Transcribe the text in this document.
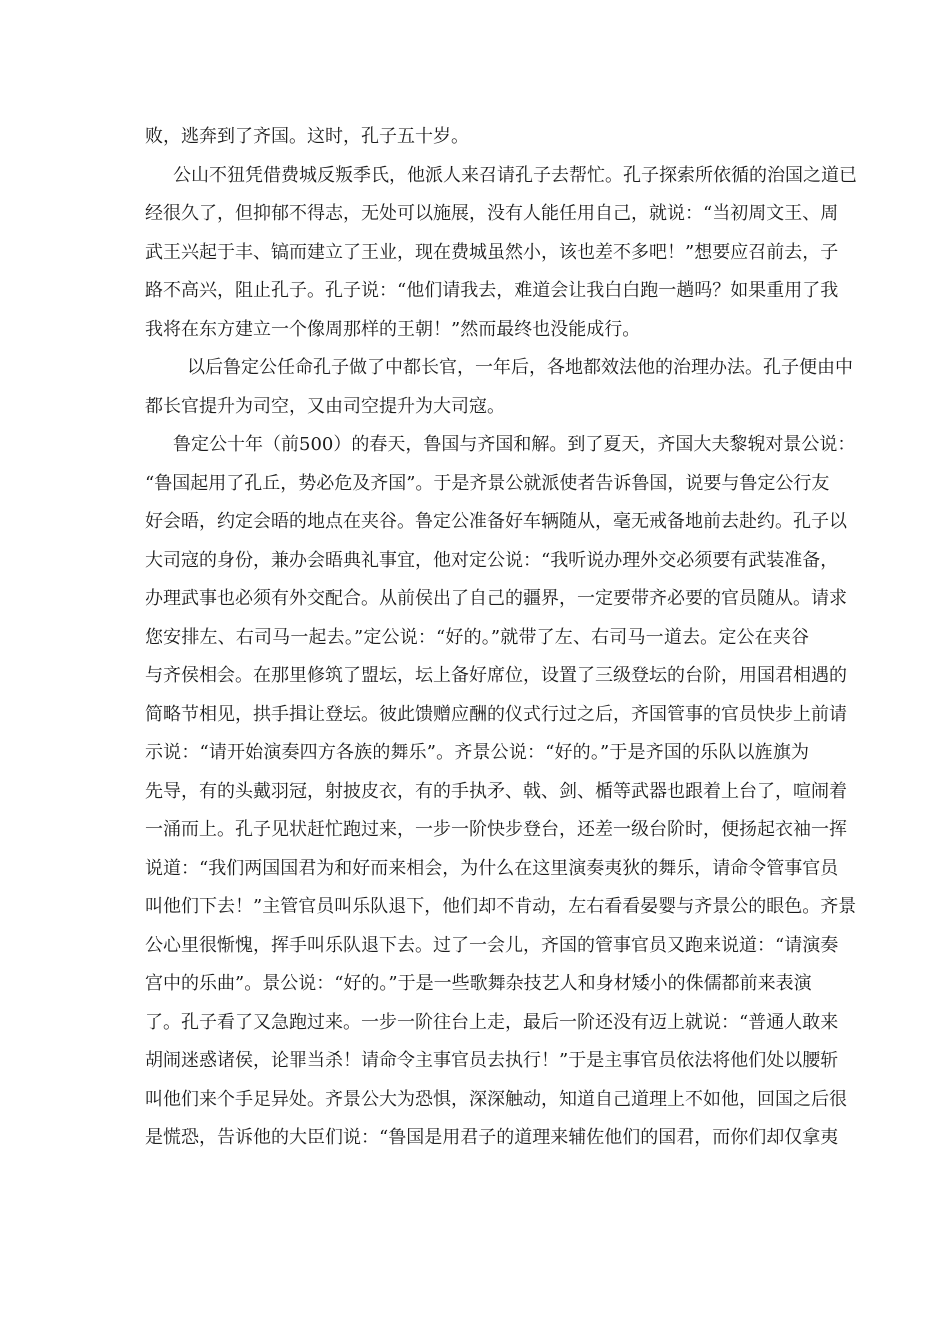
败，逃奔到了齐国。这时，孔子五十岁。
公山不狃凭借费城反叛季氏，他派人来召请孔子去帮忙。孔子探索所依循的治国之道已
经很久了，但抑郁不得志，无处可以施展，没有人能任用自己，就说：“当初周文王、周
武王兴起于丰、镐而建立了王业，现在费城虽然小，该也差不多吧！”想要应召前去，子
路不高兴，阻止孔子。孔子说：“他们请我去，难道会让我白白跑一趟吗？如果重用了我
我将在东方建立一个像周那样的王朝！”然而最终也没能成行。
以后鲁定公任命孔子做了中都长官，一年后，各地都效法他的治理办法。孔子便由中
都长官提升为司空，又由司空提升为大司寇。
鲁定公十年（前500）的春天，鲁国与齐国和解。到了夏天，齐国大夫黎𫐐对景公说：
“鲁国起用了孔丘，势必危及齐国”。于是齐景公就派使者告诉鲁国，说要与鲁定公行友
好会晤，约定会晤的地点在夹谷。鲁定公准备好车辆随从，毫无戒备地前去赴约。孔子以
大司寇的身份，兼办会晤典礼事宜，他对定公说：“我听说办理外交必须要有武装准备，
办理武事也必须有外交配合。从前侯出了自己的疆界，一定要带齐必要的官员随从。请求
您安排左、右司马一起去。”定公说：“好的。”就带了左、右司马一道去。定公在夹谷
与齐侯相会。在那里修筑了盟坛，坛上备好席位，设置了三级登坛的台阶，用国君相遇的
简略节相见，拱手揖让登坛。彼此馈赠应酬的仪式行过之后，齐国管事的官员快步上前请
示说：“请开始演奏四方各族的舞乐”。齐景公说：“好的。”于是齐国的乐队以旌旗为
先导，有的头戴羽冠，射披皮衣，有的手执矛、戟、剑、楯等武器也跟着上台了，喧闹着
一涌而上。孔子见状赶忙跑过来，一步一阶快步登台，还差一级台阶时，便扬起衣袖一挥
说道：“我们两国国君为和好而来相会，为什么在这里演奏夷狄的舞乐，请命令管事官员
叫他们下去！”主管官员叫乐队退下，他们却不肯动，左右看看晏婴与齐景公的眼色。齐景
公心里很惭愧，挥手叫乐队退下去。过了一会儿，齐国的管事官员又跑来说道：“请演奏
宫中的乐曲”。景公说：“好的。”于是一些歌舞杂技艺人和身材矮小的侏儒都前来表演
了。孔子看了又急跑过来。一步一阶往台上走，最后一阶还没有迈上就说：“普通人敢来
胡闹迷惑诸侯，论罪当杀！请命令主事官员去执行！”于是主事官员依法将他们处以腰斩
叫他们来个手足异处。齐景公大为恐惧，深深触动，知道自己道理上不如他，回国之后很
是慌恐，告诉他的大臣们说：“鲁国是用君子的道理来辅佐他们的国君，而你们却仅拿夷
